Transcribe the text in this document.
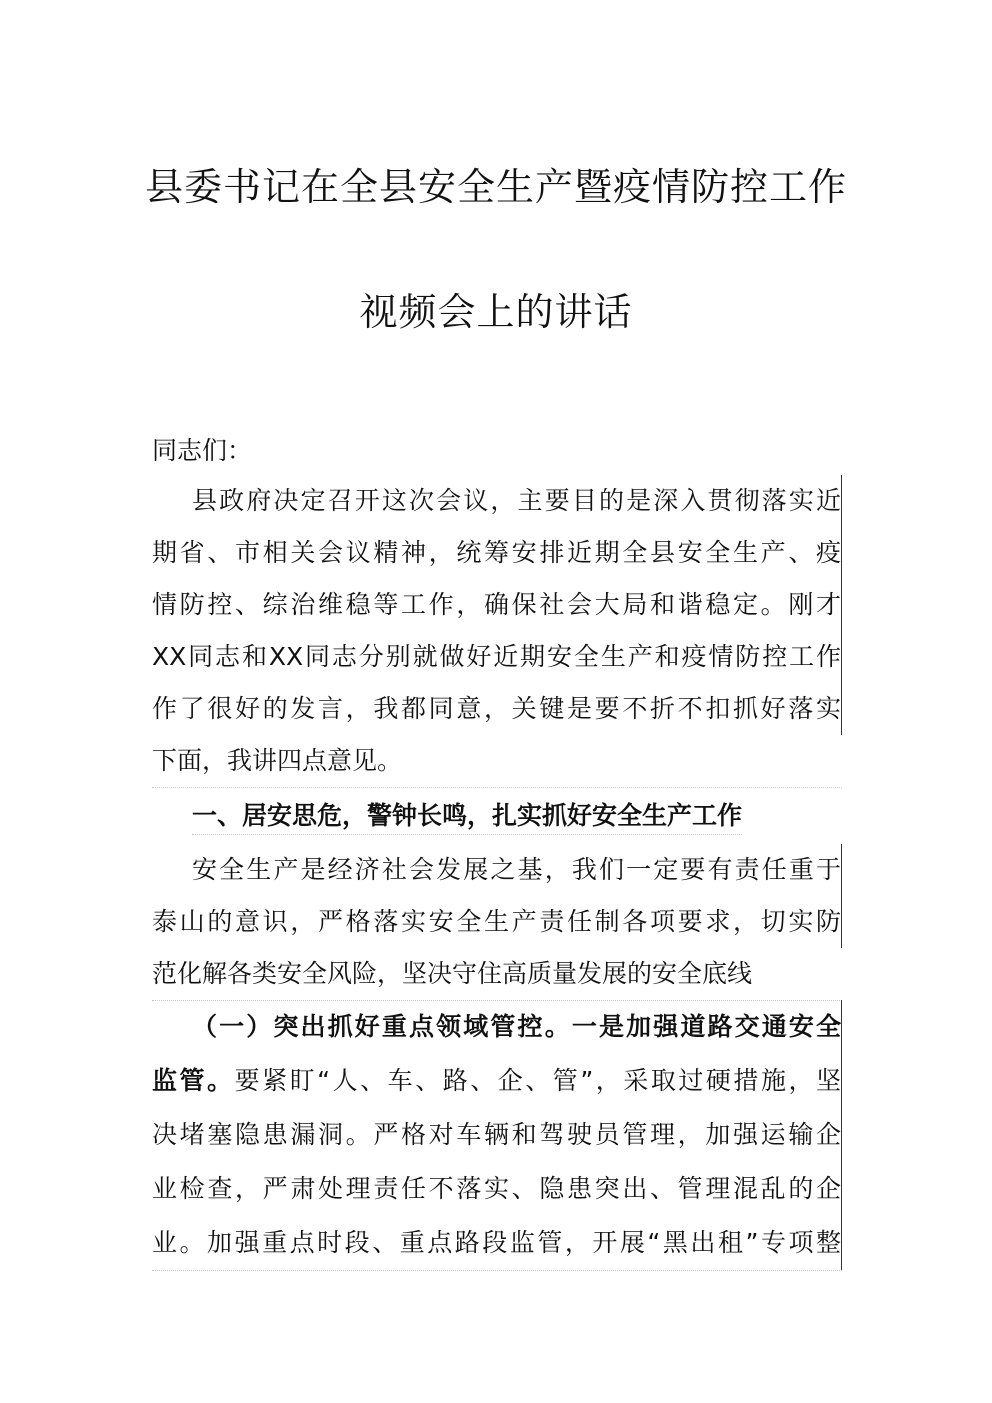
县委书记在全县安全生产暨疫情防控工作
视频会上的讲话
同志们：
县政府决定召开这次会议，主要目的是深入贯彻落实近
期省、市相关会议精神，统筹安排近期全县安全生产、疫
情防控、综治维稳等工作，确保社会大局和谐稳定。刚才
XX同志和XX同志分别就做好近期安全生产和疫情防控工作
作了很好的发言，我都同意，关键是要不折不扣抓好落实
下面，我讲四点意见。
一、居安思危，警钟长鸣，扎实抓好安全生产工作
安全生产是经济社会发展之基，我们一定要有责任重于
泰山的意识，严格落实安全生产责任制各项要求，切实防
范化解各类安全风险，坚决守住高质量发展的安全底线
（一）突出抓好重点领域管控。一是加强道路交通安全
监管。要紧盯“人、车、路、企、管”，采取过硬措施，坚
决堵塞隐患漏洞。严格对车辆和驾驶员管理，加强运输企
业检查，严肃处理责任不落实、隐患突出、管理混乱的企
业。加强重点时段、重点路段监管，开展“黑出租”专项整
